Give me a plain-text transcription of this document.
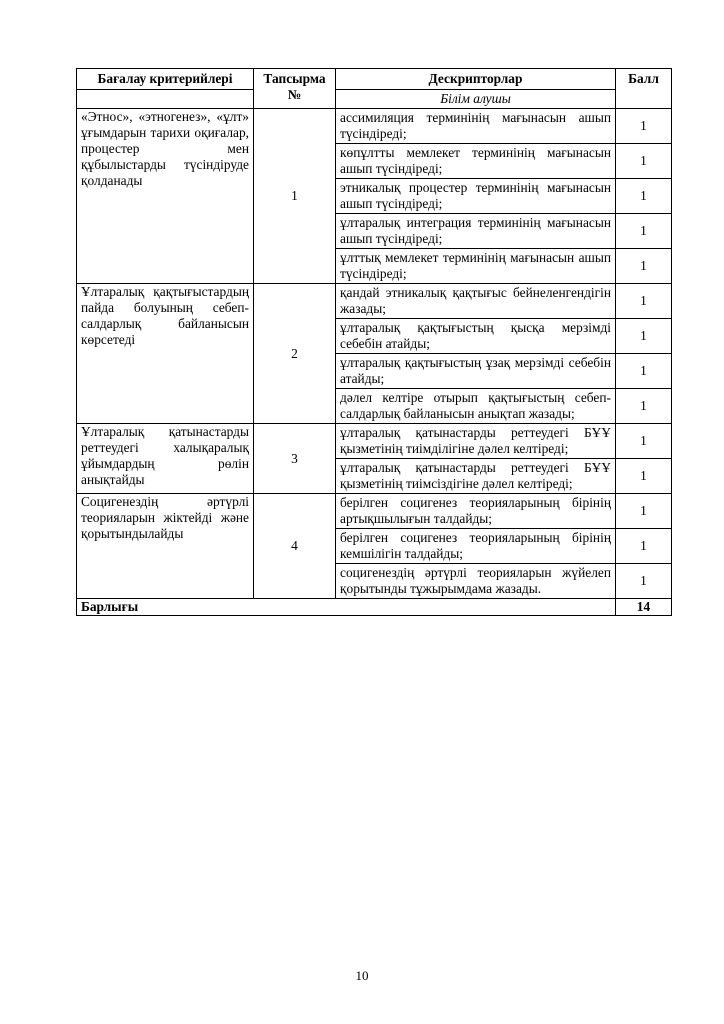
Бағалау критерийлері	Тапсырма №	Дескрипторлар	Балл
		Білім алушы	
«Этнос», «этногенез», «ұлт» ұғымдарын тарихи оқиғалар, процестер мен құбылыстарды түсіндіруде қолданады	1	ассимиляция терминінің мағынасын ашып түсіндіреді;	1
		көпұлтты мемлекет терминінің мағынасын ашып түсіндіреді;	1
		этникалық процестер терминінің мағынасын ашып түсіндіреді;	1
		ұлтаралық интеграция терминінің мағынасын ашып түсіндіреді;	1
		ұлттық мемлекет терминінің мағынасын ашып түсіндіреді;	1
Ұлтаралық қақтығыстардың пайда болуының себеп-салдарлық байланысын көрсетеді	2	қандай этникалық қақтығыс бейнеленгендігін жазады;	1
		ұлтаралық қақтығыстың қысқа мерзімді себебін атайды;	1
		ұлтаралық қақтығыстың ұзақ мерзімді себебін атайды;	1
		дәлел келтіре отырып қақтығыстың себеп-салдарлық байланысын анықтап жазады;	1
Ұлтаралық қатынастарды реттеудегі халықаралық ұйымдардың рөлін анықтайды	3	ұлтаралық қатынастарды реттеудегі БҰҰ қызметінің тиімділігіне дәлел келтіреді;	1
		ұлтаралық қатынастарды реттеудегі БҰҰ қызметінің тиімсіздігіне дәлел келтіреді;	1
Социгенездің әртүрлі теорияларын жіктейді және қорытындылайды	4	берілген социгенез теорияларының бірінің артықшылығын талдайды;	1
		берілген социгенез теорияларының бірінің кемшілігін талдайды;	1
		социгенездің әртүрлі теорияларын жүйелеп қорытынды тұжырымдама жазады.	1
Барлығы			14
10
